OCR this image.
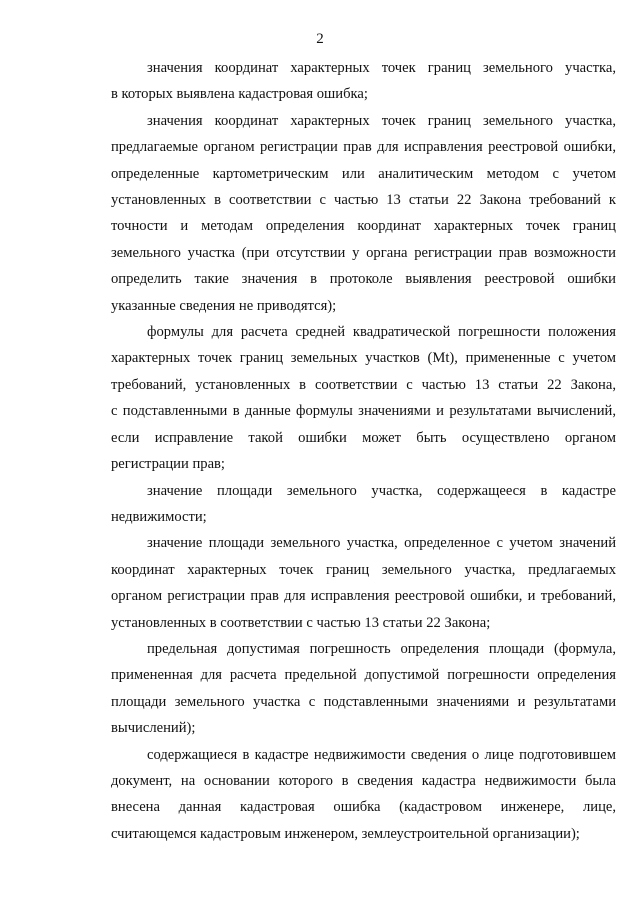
2
значения координат характерных точек границ земельного участка,
в которых выявлена кадастровая ошибка;
значения координат характерных точек границ земельного участка,
предлагаемые органом регистрации прав для исправления реестровой ошибки,
определенные картометрическим или аналитическим методом с учетом
установленных в соответствии с частью 13 статьи 22 Закона требований к
точности и методам определения координат характерных точек границ
земельного участка (при отсутствии у органа регистрации прав возможности
определить такие значения в протоколе выявления реестровой ошибки
указанные сведения не приводятся);
формулы для расчета средней квадратической погрешности положения
характерных точек границ земельных участков (Mt), примененные с учетом
требований, установленных в соответствии с частью 13 статьи 22 Закона,
с подставленными в данные формулы значениями и результатами вычислений,
если исправление такой ошибки может быть осуществлено органом
регистрации прав;
значение площади земельного участка, содержащееся в кадастре
недвижимости;
значение площади земельного участка, определенное с учетом значений
координат характерных точек границ земельного участка, предлагаемых
органом регистрации прав для исправления реестровой ошибки, и требований,
установленных в соответствии с частью 13 статьи 22 Закона;
предельная допустимая погрешность определения площади (формула,
примененная для расчета предельной допустимой погрешности определения
площади земельного участка с подставленными значениями и результатами
вычислений);
содержащиеся в кадастре недвижимости сведения о лице подготовившем
документ, на основании которого в сведения кадастра недвижимости была
внесена данная кадастровая ошибка (кадастровом инженере, лице,
считающемся кадастровым инженером, землеустроительной организации);
